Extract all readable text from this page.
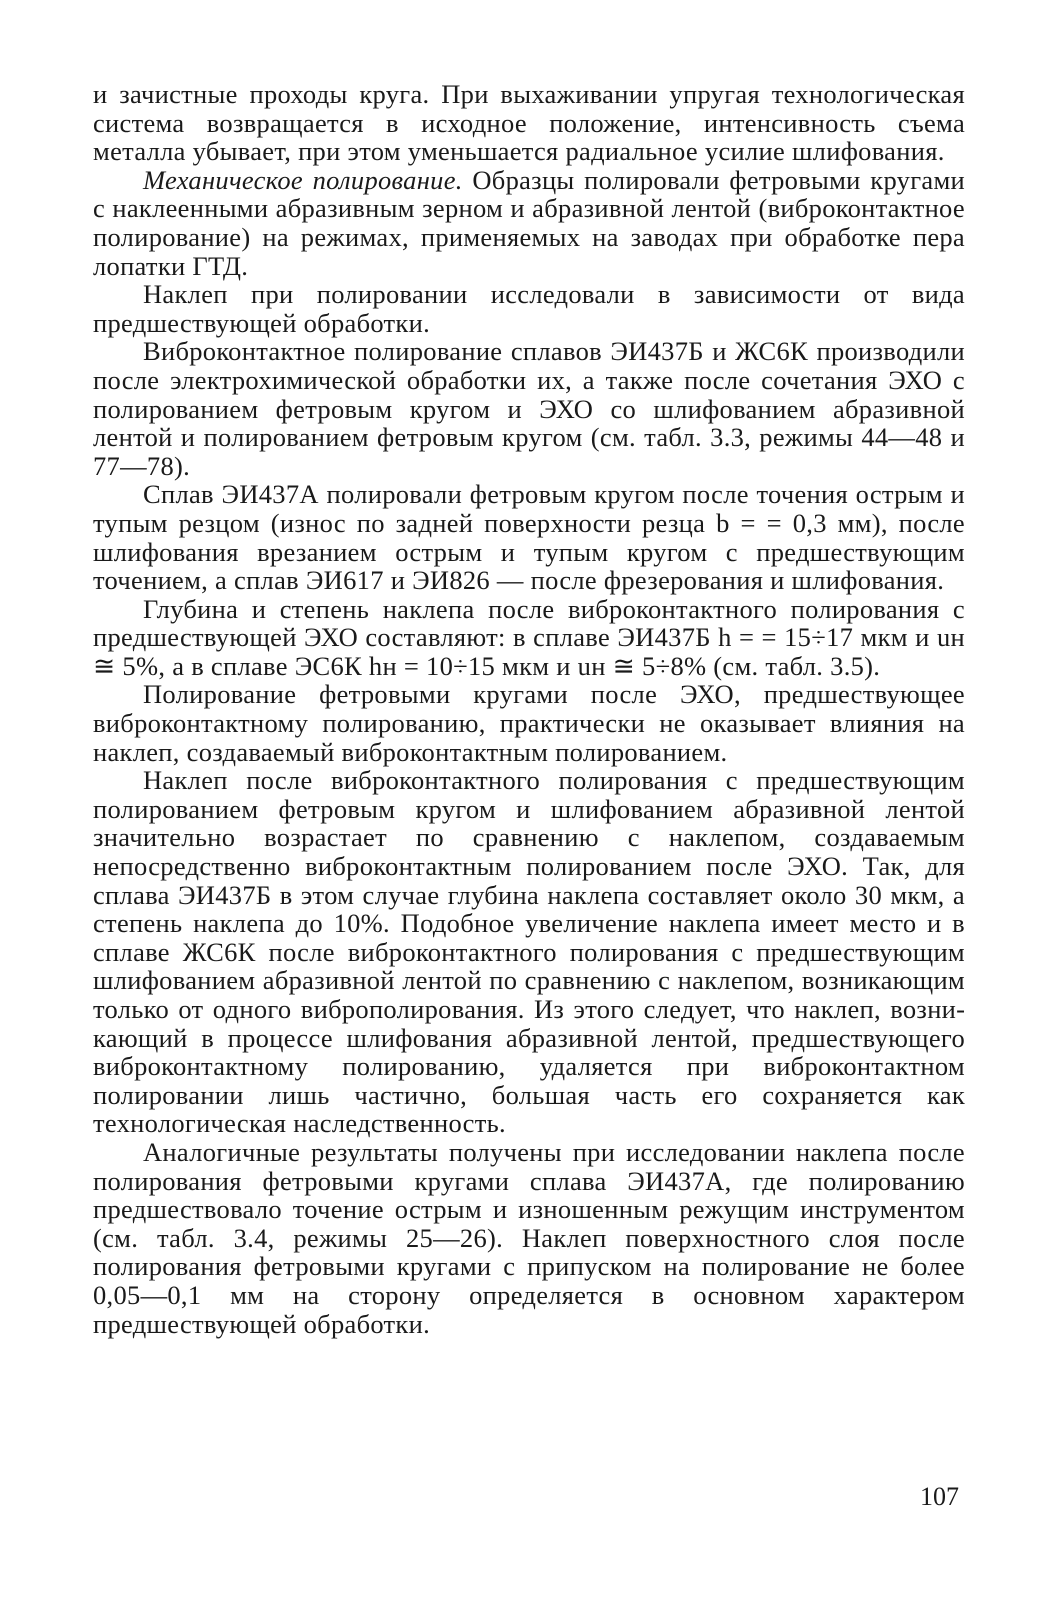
и зачистные проходы круга. При выхаживании упругая технологическая система возвращается в исходное положение, интенсивность съема металла убывает, при этом уменьшается радиальное усилие шлифования.

Механическое полирование. Образцы полировали фетровыми кругами с наклеенными абразивным зерном и абразивной лентой (виброконтактное полирование) на режимах, применяемых на заводах при обработке пера лопатки ГТД.

Наклеп при полировании исследовали в зависимости от вида предшествующей обработки.

Виброконтактное полирование сплавов ЭИ437Б и ЖС6К производили после электрохимической обработки их, а также после сочетания ЭХО с полированием фетровым кругом и ЭХО со шлифованием абразивной лентой и полированием фетровым кругом (см. табл. 3.3, режимы 44—48 и 77—78).

Сплав ЭИ437А полировали фетровым кругом после точения острым и тупым резцом (износ по задней поверхности резца b = = 0,3 мм), после шлифования врезанием острым и тупым кругом с предшествующим точением, а сплав ЭИ617 и ЭИ826 — после фрезерования и шлифования.

Глубина и степень наклепа после виброконтактного полирования с предшествующей ЭХО составляют: в сплаве ЭИ437Б h = = 15÷17 мкм и uн ≅ 5%, а в сплаве ЭС6К hн = 10÷15 мкм и uн ≅ 5÷8% (см. табл. 3.5).

Полирование фетровыми кругами после ЭХО, предшествующее виброконтактному полированию, практически не оказывает влияния на наклеп, создаваемый виброконтактным полированием.

Наклеп после виброконтактного полирования с предшествующим полированием фетровым кругом и шлифованием абразивной лентой значительно возрастает по сравнению с наклепом, создаваемым непосредственно виброконтактным полированием после ЭХО. Так, для сплава ЭИ437Б в этом случае глубина наклепа составляет около 30 мкм, а степень наклепа до 10%. Подобное увеличение наклепа имеет место и в сплаве ЖС6К после виброконтактного полирования с предшествующим шлифованием абразивной лентой по сравнению с наклепом, возникающим только от одного виброполирования. Из этого следует, что наклеп, возникающий в процессе шлифования абразивной лентой, предшествующего виброконтактному полированию, удаляется при виброконтактном полировании лишь частично, большая часть его сохраняется как технологическая наследственность.

Аналогичные результаты получены при исследовании наклепа после полирования фетровыми кругами сплава ЭИ437А, где полированию предшествовало точение острым и изношенным режущим инструментом (см. табл. 3.4, режимы 25—26). Наклеп поверхностного слоя после полирования фетровыми кругами с припуском на полирование не более 0,05—0,1 мм на сторону определяется в основном характером предшествующей обработки.

107
